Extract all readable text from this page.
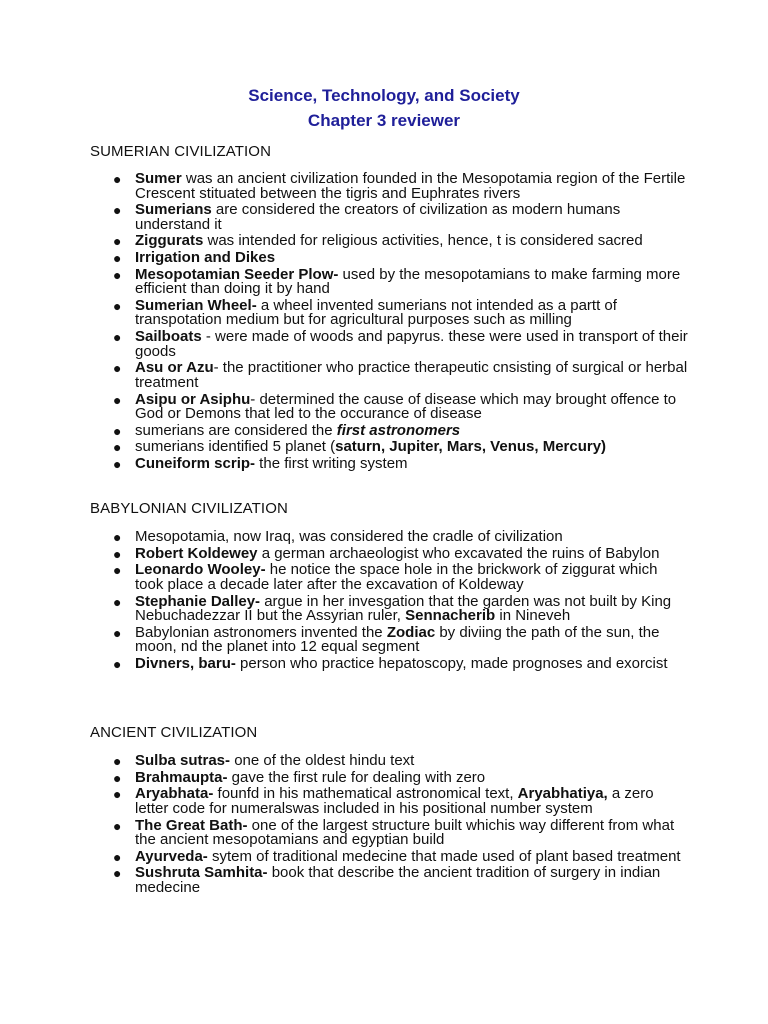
Science, Technology, and Society
Chapter 3 reviewer
SUMERIAN CIVILIZATION
● Sumer was an ancient civilization founded in the Mesopotamia region of the Fertile Crescent stituated between the tigris and Euphrates rivers
● Sumerians are considered the creators of civilization as modern humans understand it
● Ziggurats was intended for religious activities, hence, t is considered sacred
● Irrigation and Dikes
● Mesopotamian Seeder Plow- used by the mesopotamians to make farming more efficient than doing it by hand
● Sumerian Wheel- a wheel invented sumerians not intended as a partt of transpotation medium but for agricultural purposes such as milling
● Sailboats - were made of woods and papyrus. these were used in transport of their goods
● Asu or Azu- the practitioner who practice therapeutic cnsisting of surgical or herbal treatment
● Asipu or Asiphu- determined the cause of disease which may brought offence to God or Demons that led to the occurance of disease
● sumerians are considered the first astronomers
● sumerians identified 5 planet (saturn, Jupiter, Mars, Venus, Mercury)
● Cuneiform scrip- the first writing system
BABYLONIAN CIVILIZATION
● Mesopotamia, now Iraq, was considered the cradle of civilization
● Robert Koldewey a german archaeologist who excavated the ruins of Babylon
● Leonardo Wooley- he notice the space hole in the brickwork of ziggurat which took place a decade later after the excavation of Koldeway
● Stephanie Dalley- argue in her invesgation that the garden was not built by King Nebuchadezzar II but the Assyrian ruler, Sennacherib in Nineveh
● Babylonian astronomers invented the Zodiac by diviing the path of the sun, the moon, nd the planet into 12 equal segment
● Divners, baru- person who practice hepatoscopy, made prognoses and exorcist
ANCIENT CIVILIZATION
● Sulba sutras- one of the oldest hindu text
● Brahmaupta- gave the first rule for dealing with zero
● Aryabhata- founfd in his mathematical astronomical text, Aryabhatiya, a zero letter code for numeralswas included in his positional number system
● The Great Bath- one of the largest structure built whichis way different from what the ancient mesopotamians and egyptian build
● Ayurveda- sytem of traditional medecine that made used of plant based treatment
● Sushruta Samhita- book that describe the ancient tradition of surgery in indian medecine
